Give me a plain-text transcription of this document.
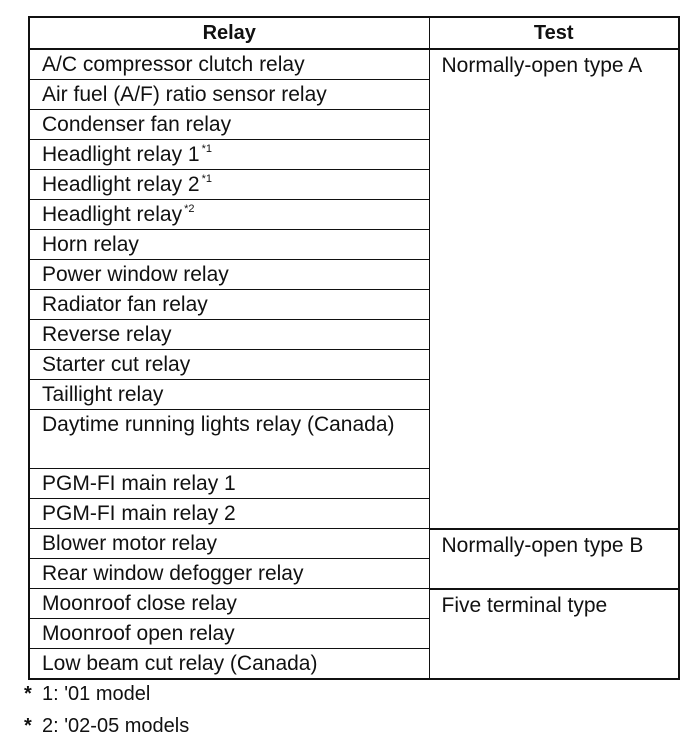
Relay	Test
A/C compressor clutch relay	Normally-open type A
Air fuel (A/F) ratio sensor relay	
Condenser fan relay	
Headlight relay 1 $^{*1}$
Headlight relay 2 $^{*1}$
Headlight relay $^{*2}$
Horn relay	
Power window relay	
Radiator fan relay	
Reverse relay	
Starter cut relay	
Taillight relay	
Daytime running lights relay (Canada)	
PGM-FI main relay 1	
PGM-FI main relay 2	
Blower motor relay	Normally-open type B
Rear window defogger relay	
Moonroof close relay	Five terminal type
Moonroof open relay	
Low beam cut relay (Canada)	
* 1: '01 model
* 2: '02-05 models
